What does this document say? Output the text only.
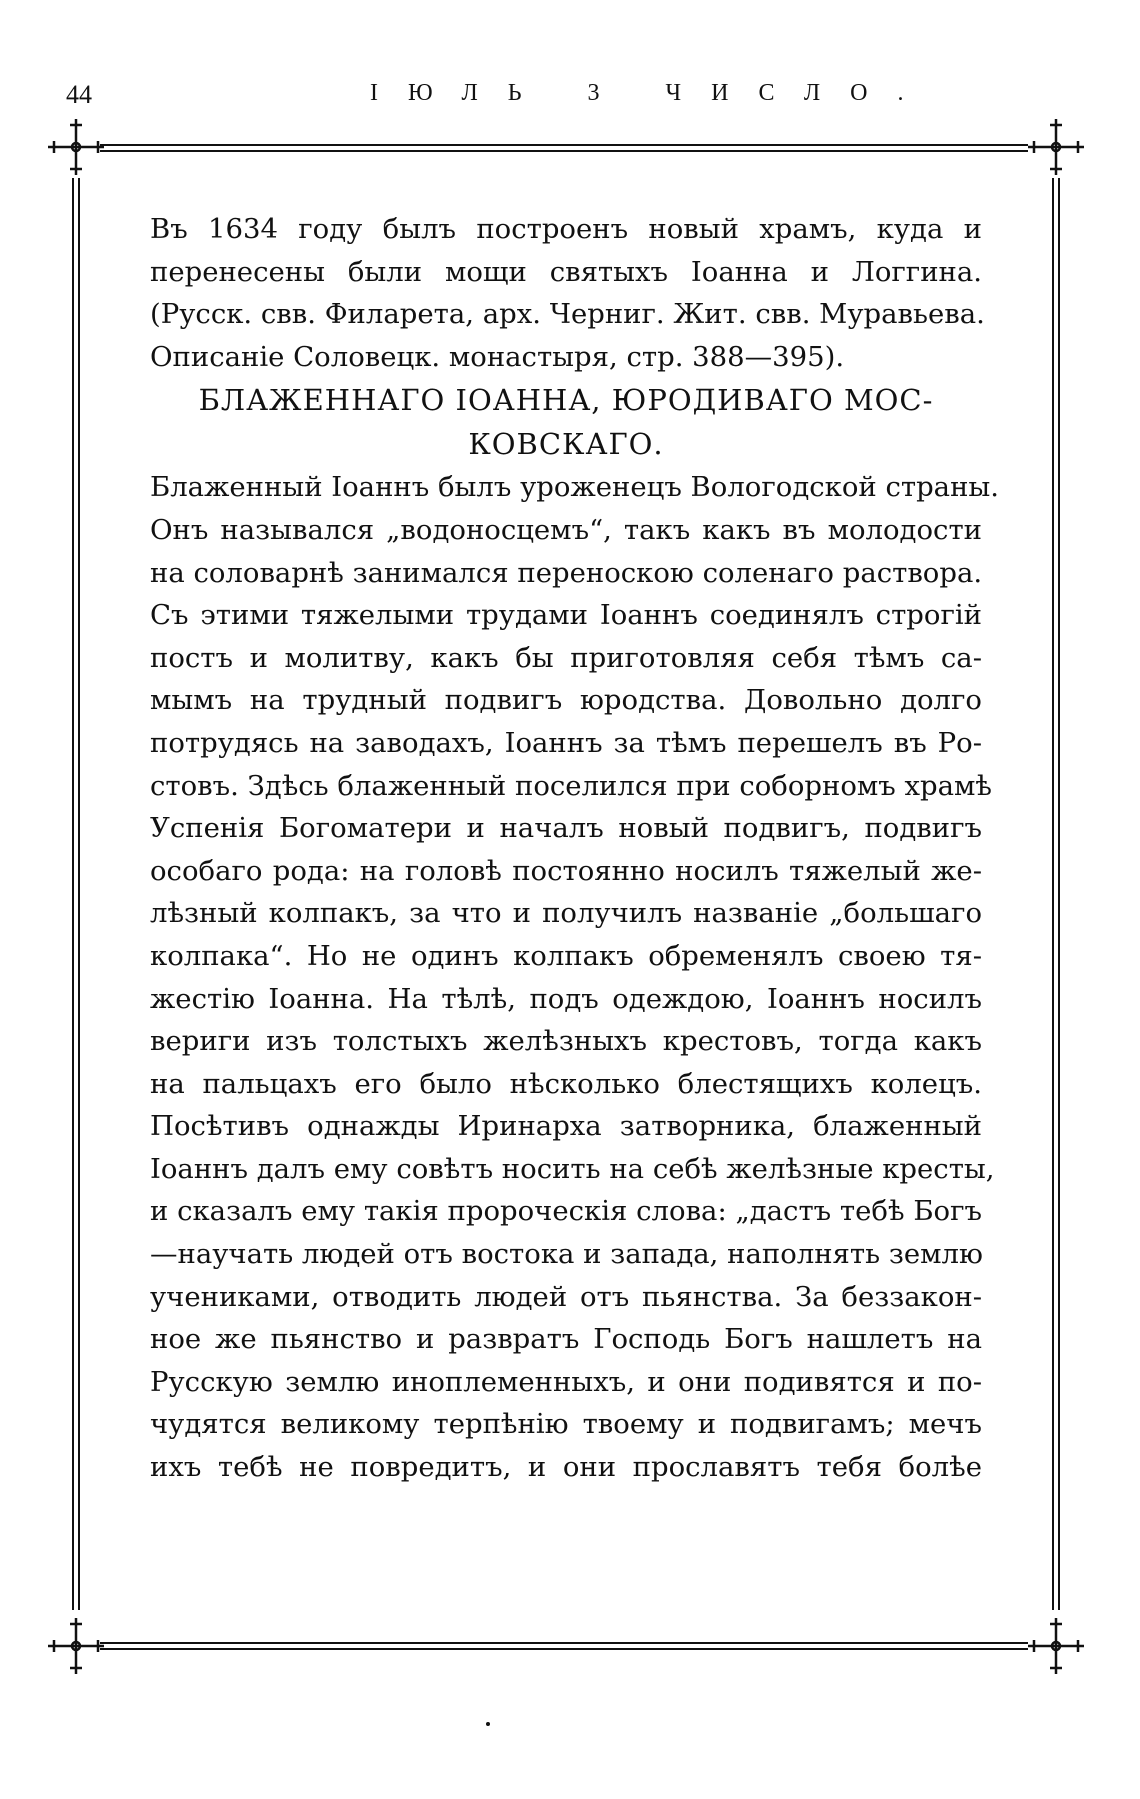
44	ІЮЛЬ 3 ЧИСЛО.

Въ 1634 году былъ построенъ новый храмъ, куда и
перенесены были мощи святыхъ Іоанна и Логгина.
(Русск. свв. Филарета, арх. Черниг. Жит. свв. Муравьева.
Описаніе Соловецк. монастыря, стр. 388—395).

БЛАЖЕННАГО ІОАННА, ЮРОДИВАГО МОС-
КОВСКАГО.

Блаженный Іоаннъ былъ уроженецъ Вологодской страны.
Онъ назывался „водоносцемъ“, такъ какъ въ молодости
на соловарнѣ занимался переноскою соленаго раствора.
Съ этими тяжелыми трудами Іоаннъ соединялъ строгій
постъ и молитву, какъ бы приготовляя себя тѣмъ са-
мымъ на трудный подвигъ юродства. Довольно долго
потрудясь на заводахъ, Іоаннъ за тѣмъ перешелъ въ Ро-
стовъ. Здѣсь блаженный поселился при соборномъ храмѣ
Успенія Богоматери и началъ новый подвигъ, подвигъ
особаго рода: на головѣ постоянно носилъ тяжелый же-
лѣзный колпакъ, за что и получилъ названіе „большаго
колпака“. Но не одинъ колпакъ обременялъ своею тя-
жестію Іоанна. На тѣлѣ, подъ одеждою, Іоаннъ носилъ
вериги изъ толстыхъ желѣзныхъ крестовъ, тогда какъ
на пальцахъ его было нѣсколько блестящихъ колецъ.
Посѣтивъ однажды Иринарха затворника, блаженный
Іоаннъ далъ ему совѣтъ носить на себѣ желѣзные кресты,
и сказалъ ему такія пророческія слова: „дастъ тебѣ Богъ
—научать людей отъ востока и запада, наполнять землю
учениками, отводить людей отъ пьянства. За беззакон-
ное же пьянство и развратъ Господь Богъ нашлетъ на
Русскую землю иноплеменныхъ, и они подивятся и по-
чудятся великому терпѣнію твоему и подвигамъ; мечъ
ихъ тебѣ не повредитъ, и они прославятъ тебя болѣе
